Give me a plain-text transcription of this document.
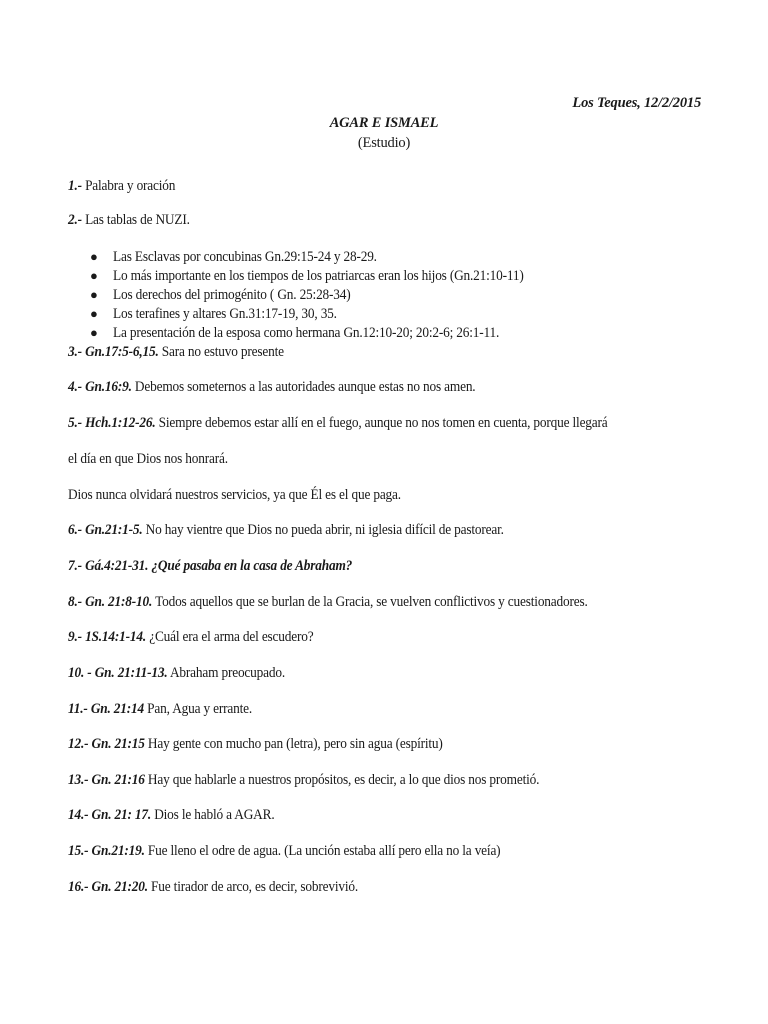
Los Teques, 12/2/2015
AGAR E ISMAEL
(Estudio)
1.- Palabra y oración
2.- Las tablas de NUZI.
● Las Esclavas por concubinas Gn.29:15-24 y 28-29.
● Lo más importante en los tiempos de los patriarcas eran los hijos (Gn.21:10-11)
● Los derechos del primogénito ( Gn. 25:28-34)
● Los terafines y altares Gn.31:17-19, 30, 35.
● La presentación de la esposa como hermana Gn.12:10-20; 20:2-6; 26:1-11.
3.- Gn.17:5-6,15. Sara no estuvo presente
4.- Gn.16:9. Debemos someternos a las autoridades aunque estas no nos amen.
5.- Hch.1:12-26. Siempre debemos estar allí en el fuego, aunque no nos tomen en cuenta, porque llegará
el día en que Dios nos honrará.
Dios nunca olvidará nuestros servicios, ya que Él es el que paga.
6.- Gn.21:1-5. No hay vientre que Dios no pueda abrir, ni iglesia difícil de pastorear.
7.- Gá.4:21-31. ¿Qué pasaba en la casa de Abraham?
8.- Gn. 21:8-10. Todos aquellos que se burlan de la Gracia, se vuelven conflictivos y cuestionadores.
9.- 1S.14:1-14. ¿Cuál era el arma del escudero?
10. - Gn. 21:11-13. Abraham preocupado.
11.- Gn. 21:14 Pan, Agua y errante.
12.- Gn. 21:15 Hay gente con mucho pan (letra), pero sin agua (espíritu)
13.- Gn. 21:16 Hay que hablarle a nuestros propósitos, es decir, a lo que dios nos prometió.
14.- Gn. 21: 17. Dios le habló a AGAR.
15.- Gn.21:19. Fue lleno el odre de agua. (La unción estaba allí pero ella no la veía)
16.- Gn. 21:20. Fue tirador de arco, es decir, sobrevivió.
